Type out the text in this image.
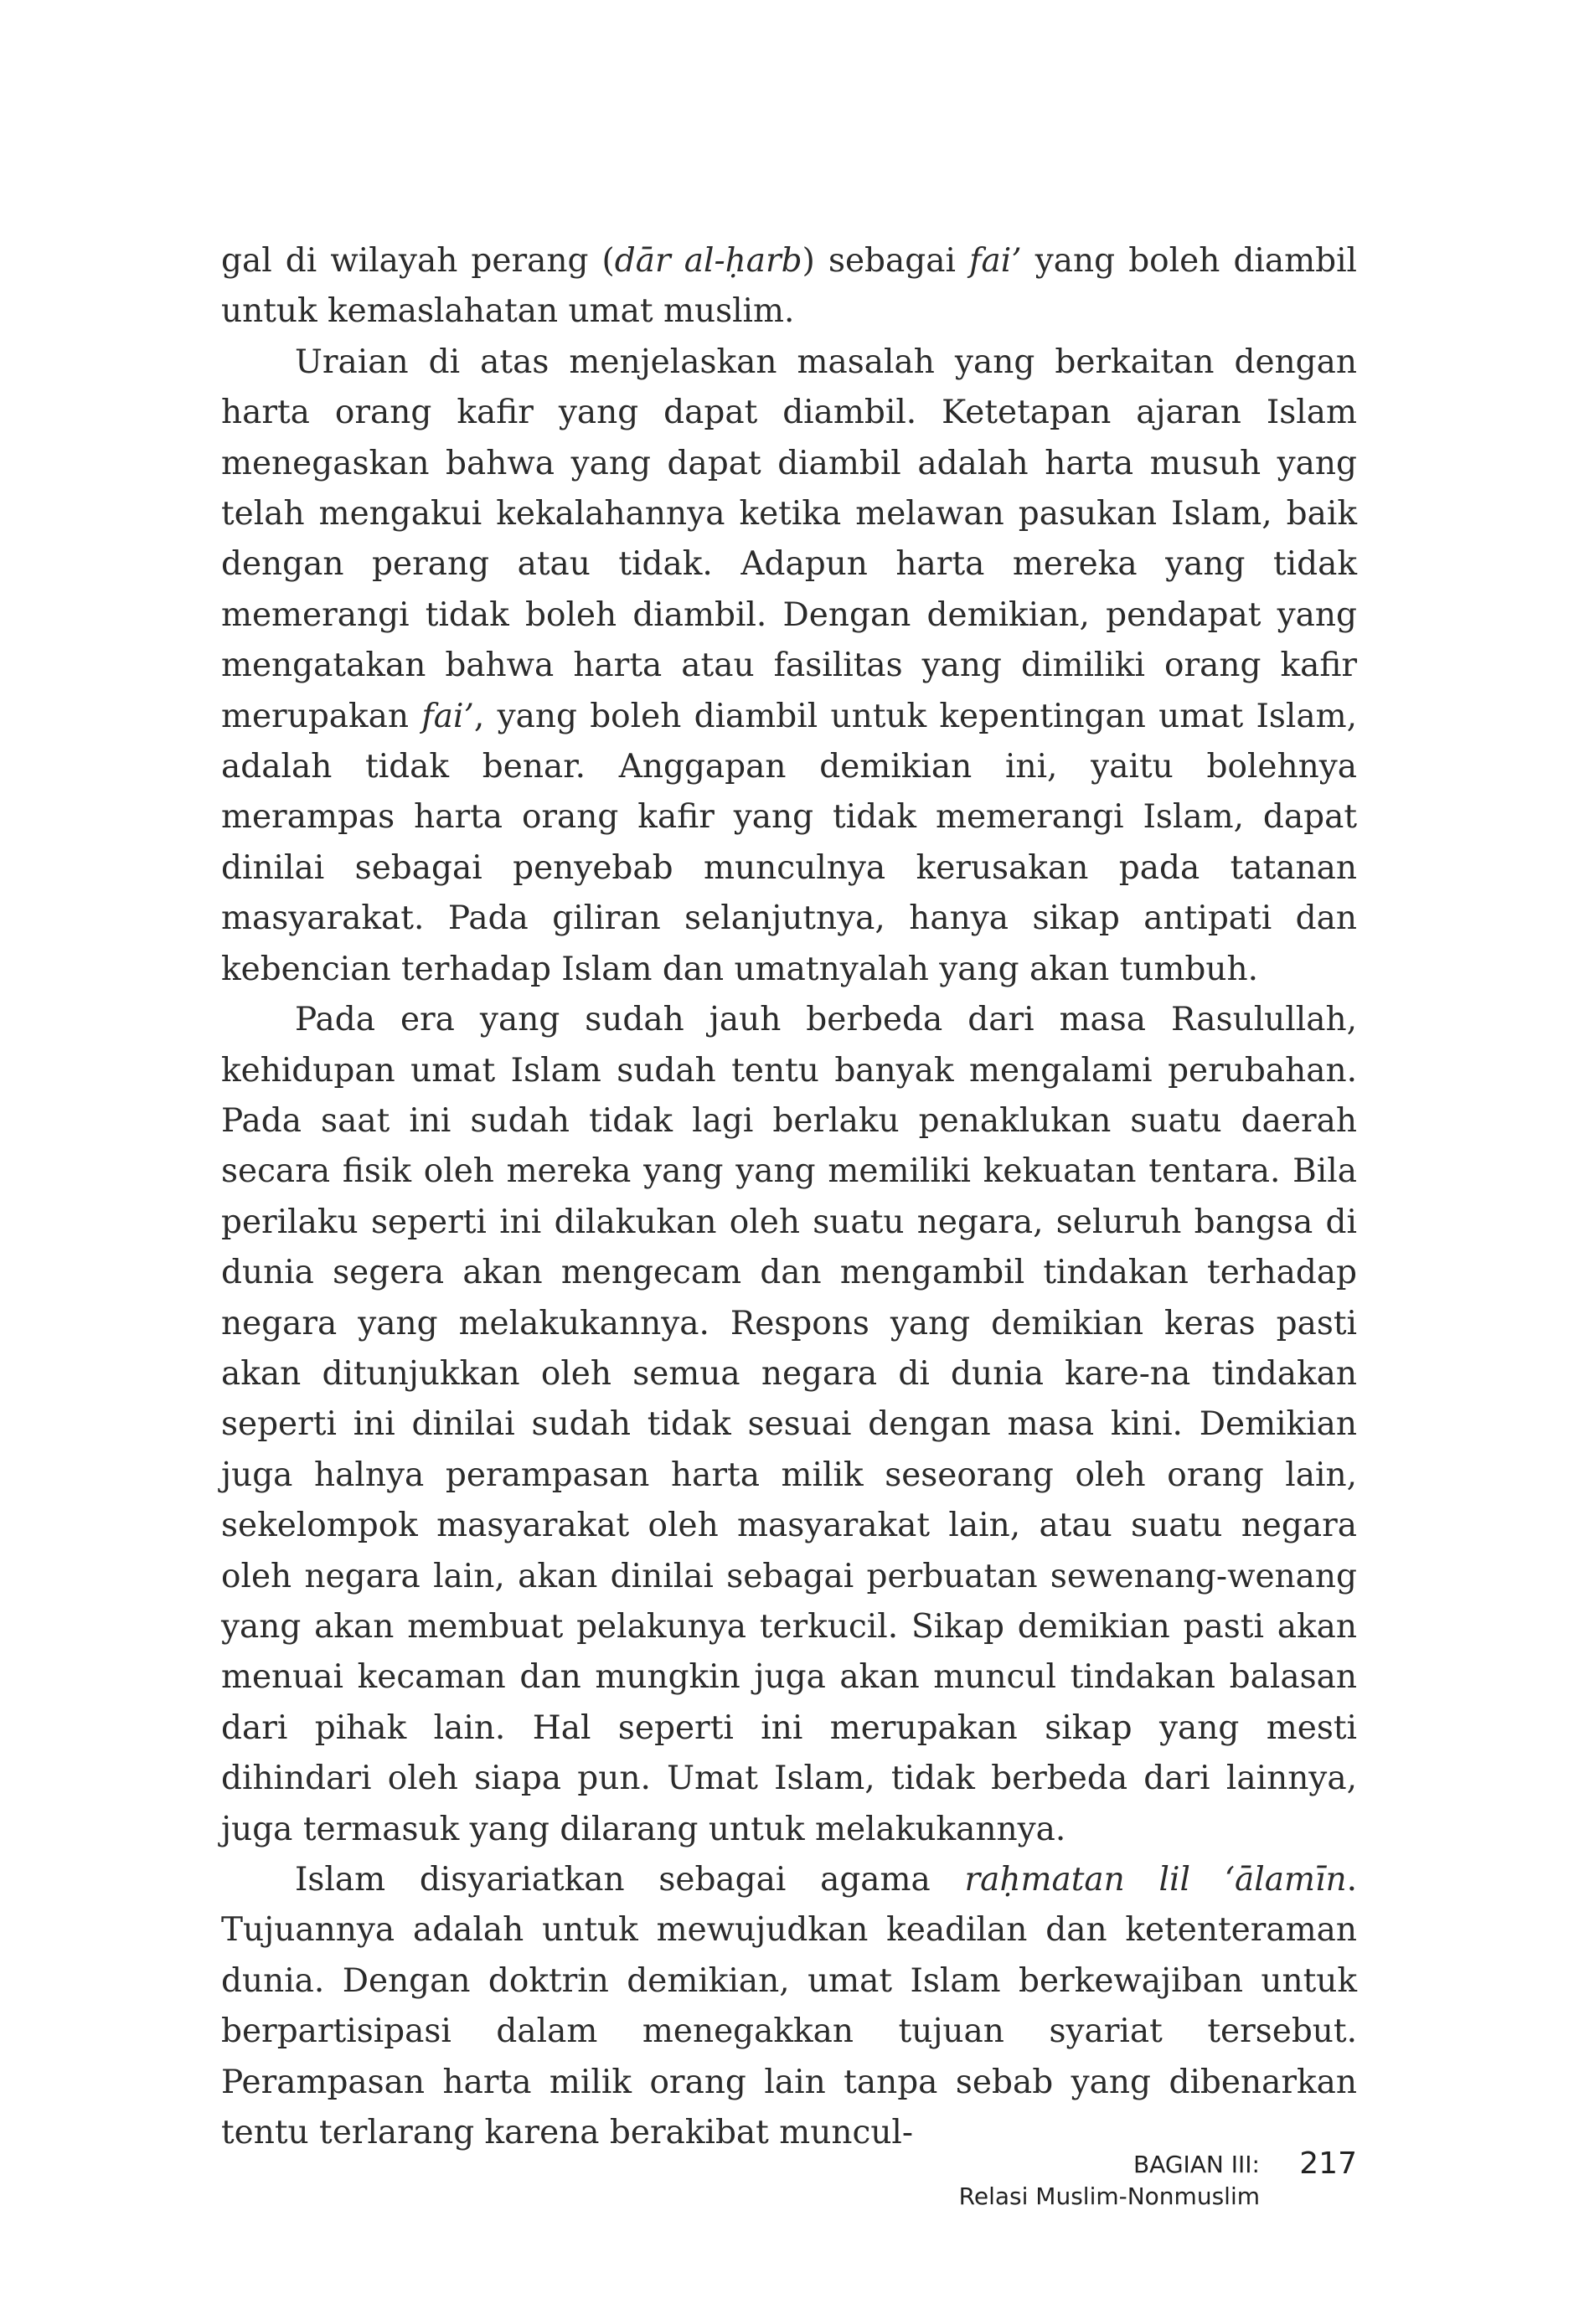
gal di wilayah perang (dār al-ḥarb) sebagai fai’ yang boleh diambil untuk kemaslahatan umat muslim.

Uraian di atas menjelaskan masalah yang berkaitan dengan harta orang kafir yang dapat diambil. Ketetapan ajaran Islam menegaskan bahwa yang dapat diambil adalah harta musuh yang telah mengakui kekalahannya ketika melawan pasukan Islam, baik dengan perang atau tidak. Adapun harta mereka yang tidak memerangi tidak boleh diambil. Dengan demikian, pendapat yang mengatakan bahwa harta atau fasilitas yang dimiliki orang kafir merupakan fai’, yang boleh diambil untuk kepentingan umat Islam, adalah tidak benar. Anggapan demikian ini, yaitu bolehnya merampas harta orang kafir yang tidak memerangi Islam, dapat dinilai sebagai penyebab munculnya kerusakan pada tatanan masyarakat. Pada giliran selanjutnya, hanya sikap antipati dan kebencian terhadap Islam dan umatnyalah yang akan tumbuh.

Pada era yang sudah jauh berbeda dari masa Rasulullah, kehidupan umat Islam sudah tentu banyak mengalami perubahan. Pada saat ini sudah tidak lagi berlaku penaklukan suatu daerah secara fisik oleh mereka yang yang memiliki kekuatan tentara. Bila perilaku seperti ini dilakukan oleh suatu negara, seluruh bangsa di dunia segera akan mengecam dan mengambil tindakan terhadap negara yang melakukannya. Respons yang demikian keras pasti akan ditunjukkan oleh semua negara di dunia kare-na tindakan seperti ini dinilai sudah tidak sesuai dengan masa kini. Demikian juga halnya perampasan harta milik seseorang oleh orang lain, sekelompok masyarakat oleh masyarakat lain, atau suatu negara oleh negara lain, akan dinilai sebagai perbuatan sewenang-wenang yang akan membuat pelakunya terkucil. Sikap demikian pasti akan menuai kecaman dan mungkin juga akan muncul tindakan balasan dari pihak lain. Hal seperti ini merupakan sikap yang mesti dihindari oleh siapa pun. Umat Islam, tidak berbeda dari lainnya, juga termasuk yang dilarang untuk melakukannya.

Islam disyariatkan sebagai agama raḥmatan lil ‘ālamīn. Tujuannya adalah untuk mewujudkan keadilan dan ketenteraman dunia. Dengan doktrin demikian, umat Islam berkewajiban untuk berpartisipasi dalam menegakkan tujuan syariat tersebut. Perampasan harta milik orang lain tanpa sebab yang dibenarkan tentu terlarang karena berakibat muncul-

BAGIAN III:
Relasi Muslim-Nonmuslim
217
